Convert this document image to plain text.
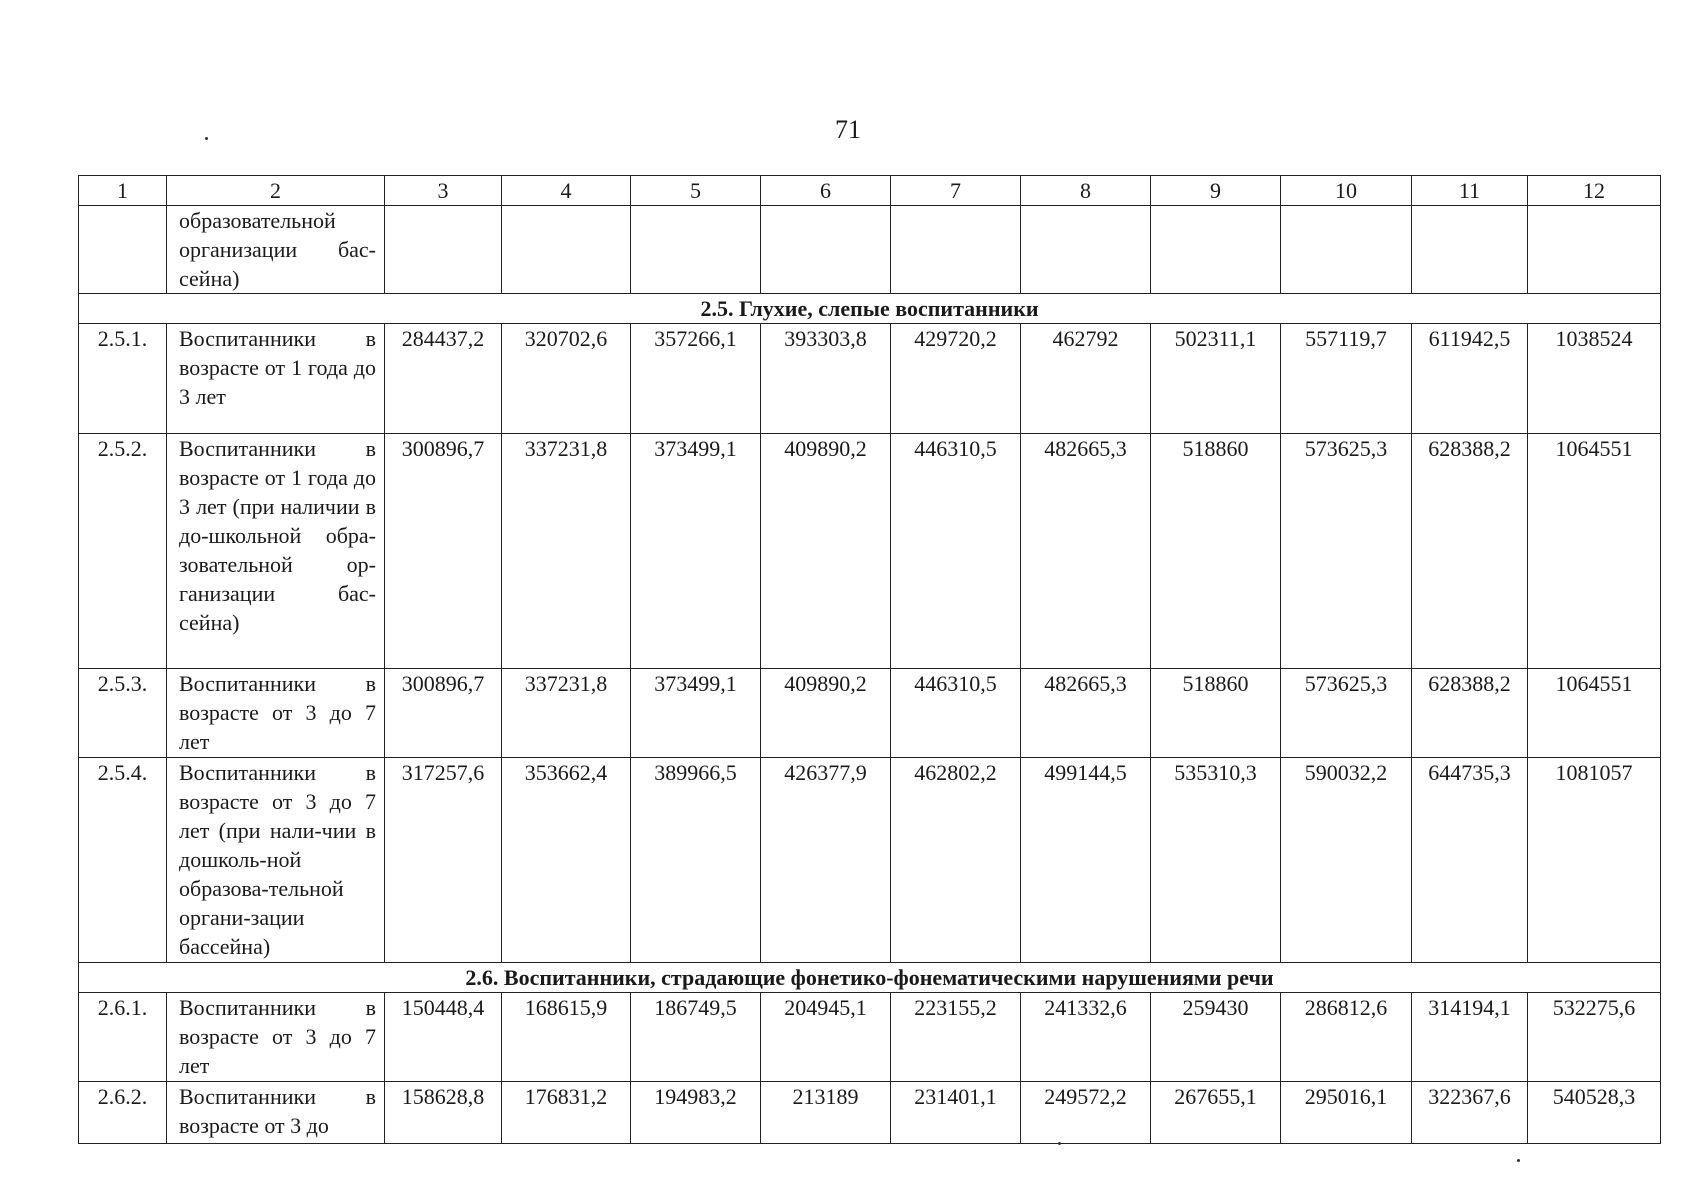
71
1	2	3	4	5	6	7	8	9	10	11	12
	образовательной организации бас-сейна)										
2.5. Глухие, слепые воспитанники											
2.5.1.	Воспитанники в возрасте от 1 года до 3 лет	284437,2	320702,6	357266,1	393303,8	429720,2	462792	502311,1	557119,7	611942,5	1038524
2.5.2.	Воспитанники в возрасте от 1 года до 3 лет (при наличии в до-школьной обра-зовательной ор-ганизации бас-сейна)	300896,7	337231,8	373499,1	409890,2	446310,5	482665,3	518860	573625,3	628388,2	1064551
2.5.3.	Воспитанники в возрасте от 3 до 7 лет	300896,7	337231,8	373499,1	409890,2	446310,5	482665,3	518860	573625,3	628388,2	1064551
2.5.4.	Воспитанники в возрасте от 3 до 7 лет (при нали-чии в дошколь-ной образова-тельной органи-зации бассейна)	317257,6	353662,4	389966,5	426377,9	462802,2	499144,5	535310,3	590032,2	644735,3	1081057
2.6. Воспитанники, страдающие фонетико-фонематическими нарушениями речи											
2.6.1.	Воспитанники в возрасте от 3 до 7 лет	150448,4	168615,9	186749,5	204945,1	223155,2	241332,6	259430	286812,6	314194,1	532275,6
2.6.2.	Воспитанники в возрасте от 3 до	158628,8	176831,2	194983,2	213189	231401,1	249572,2	267655,1	295016,1	322367,6	540528,3
